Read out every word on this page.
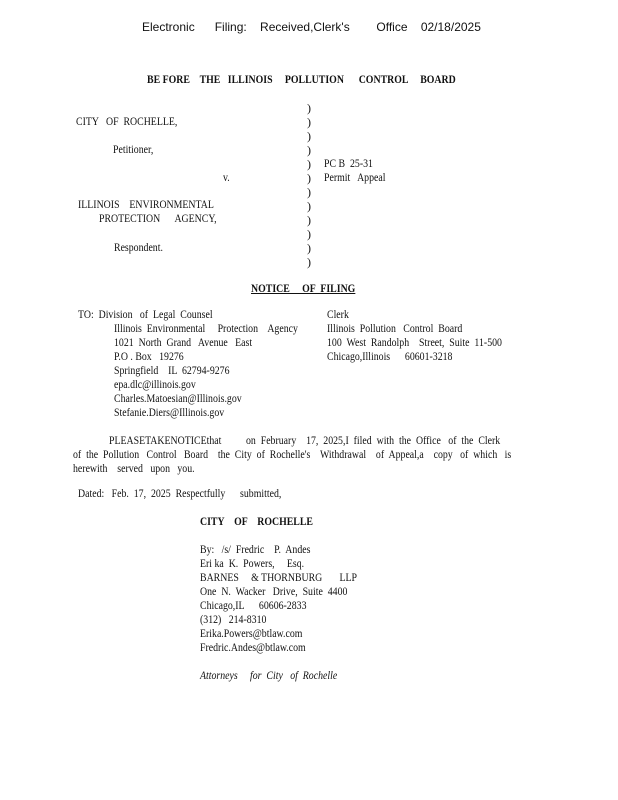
Electronic      Filing:    Received,Clerk's        Office    02/18/2025
BE FORE    THE   ILLINOIS     POLLUTION      CONTROL     BOARD
CITY   OF  ROCHELLE,
Petitioner,
v.
ILLINOIS    ENVIRONMENTAL
PROTECTION      AGENCY,
Respondent.
)
)
)
)
)
)
)
)
)
)
)
)
PC B  25-31
Permit   Appeal
NOTICE     OF  FILING
TO:  Division   of  Legal  Counsel
Illinois  Environmental     Protection    Agency
1021  North  Grand   Avenue   East
P.O . Box   19276
Springfield    IL  62794-9276
epa.dlc@illinois.gov
Charles.Matoesian@Illinois.gov
Stefanie.Diers@Illinois.gov
Clerk
Illinois  Pollution   Control  Board
100  West  Randolph    Street,  Suite  11-500
Chicago,Illinois      60601-3218
PLEASETAKENOTICEthat          on  February    17,  2025,I  filed  with  the  Office   of  the  Clerk
of  the  Pollution   Control   Board    the  City  of  Rochelle's    Withdrawal    of  Appeal,a    copy   of  which   is
herewith    served   upon   you.
Dated:   Feb.  17,  2025  Respectfully      submitted,
CITY    OF    ROCHELLE
By:   /s/  Fredric    P.  Andes
Eri ka  K.  Powers,     Esq.
BARNES     & THORNBURG       LLP
One  N.  Wacker   Drive,  Suite  4400
Chicago,IL      60606-2833
(312)   214-8310
Erika.Powers@btlaw.com
Fredric.Andes@btlaw.com
Attorneys     for  City   of  Rochelle
